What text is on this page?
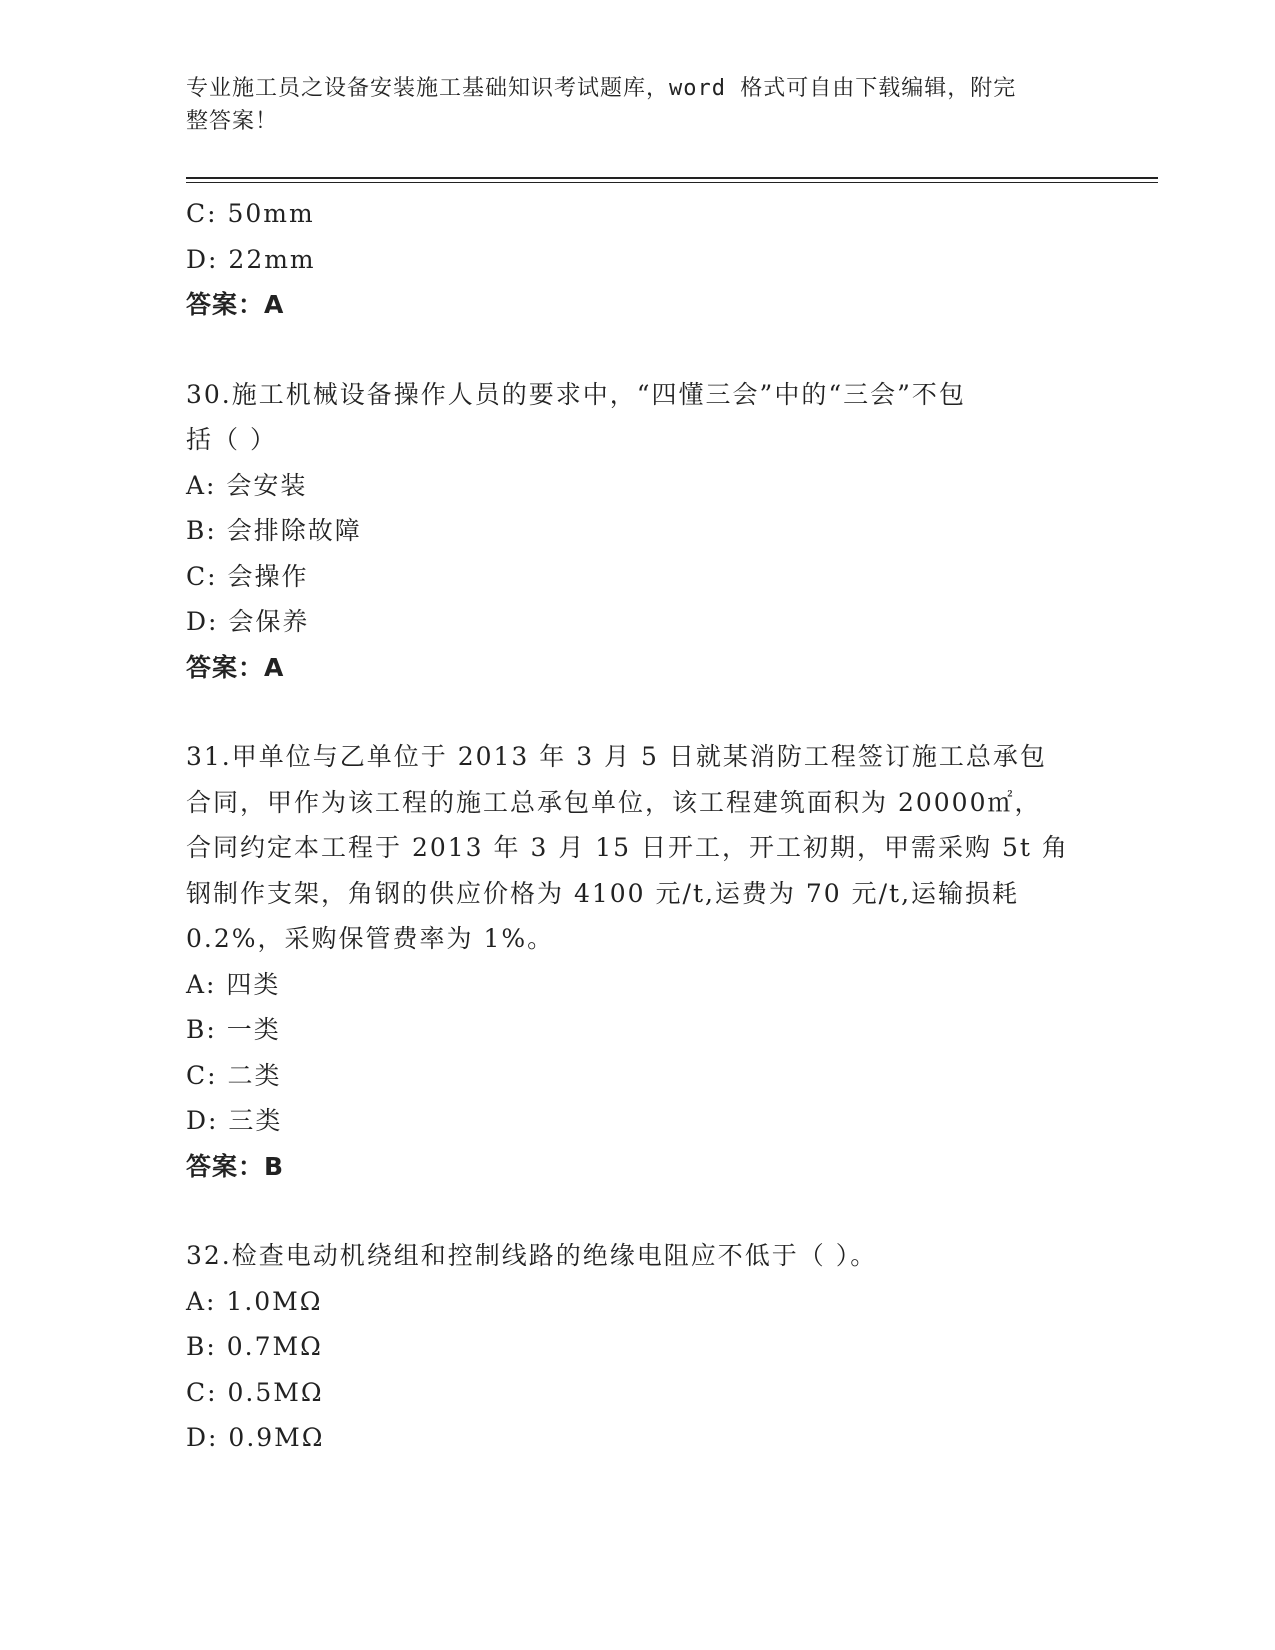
专业施工员之设备安装施工基础知识考试题库，word 格式可自由下载编辑，附完
整答案！
C: 50mm
D: 22mm
答案：A
30.施工机械设备操作人员的要求中，“四懂三会”中的“三会”不包
括（ ）
A: 会安装
B: 会排除故障
C: 会操作
D: 会保养
答案：A
31.甲单位与乙单位于 2013 年 3 月 5 日就某消防工程签订施工总承包
合同，甲作为该工程的施工总承包单位，该工程建筑面积为 20000㎡，
合同约定本工程于 2013 年 3 月 15 日开工，开工初期，甲需采购 5t 角
钢制作支架，角钢的供应价格为 4100 元/t,运费为 70 元/t,运输损耗
0.2%，采购保管费率为 1%。
A: 四类
B: 一类
C: 二类
D: 三类
答案：B
32.检查电动机绕组和控制线路的绝缘电阻应不低于（ ）。
A: 1.0MΩ
B: 0.7MΩ
C: 0.5MΩ
D: 0.9MΩ
